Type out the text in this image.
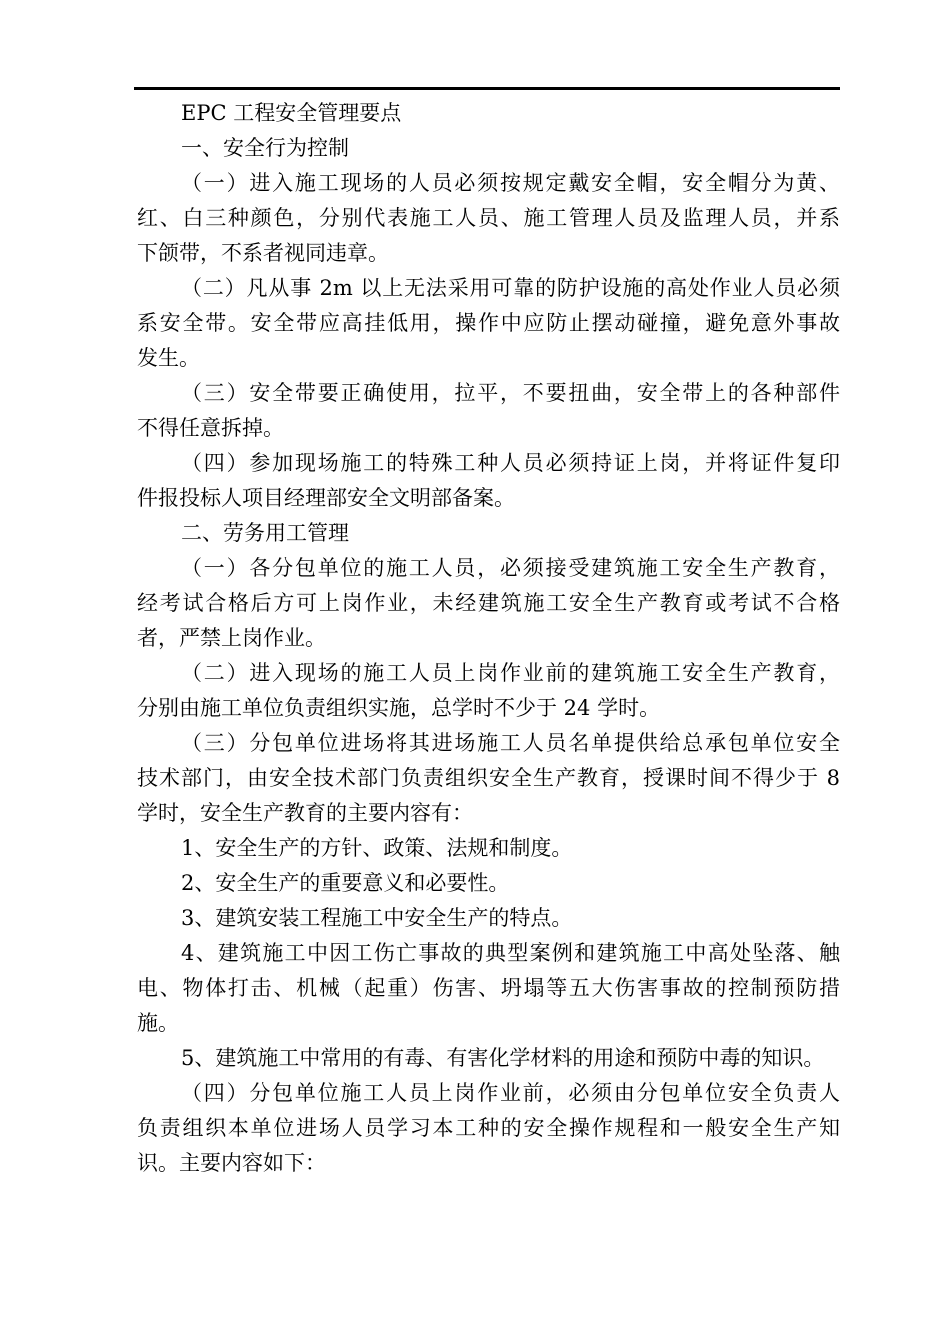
EPC 工程安全管理要点
一、安全行为控制
（一）进入施工现场的人员必须按规定戴安全帽，安全帽分为黄、
红、白三种颜色，分别代表施工人员、施工管理人员及监理人员，并系
下颌带，不系者视同违章。
（二）凡从事 2m 以上无法采用可靠的防护设施的高处作业人员必须
系安全带。安全带应高挂低用，操作中应防止摆动碰撞，避免意外事故
发生。
（三）安全带要正确使用，拉平，不要扭曲，安全带上的各种部件
不得任意拆掉。
（四）参加现场施工的特殊工种人员必须持证上岗，并将证件复印
件报投标人项目经理部安全文明部备案。
二、劳务用工管理
（一）各分包单位的施工人员，必须接受建筑施工安全生产教育，
经考试合格后方可上岗作业，未经建筑施工安全生产教育或考试不合格
者，严禁上岗作业。
（二）进入现场的施工人员上岗作业前的建筑施工安全生产教育，
分别由施工单位负责组织实施，总学时不少于 24 学时。
（三）分包单位进场将其进场施工人员名单提供给总承包单位安全
技术部门，由安全技术部门负责组织安全生产教育，授课时间不得少于 8
学时，安全生产教育的主要内容有：
1、安全生产的方针、政策、法规和制度。
2、安全生产的重要意义和必要性。
3、建筑安装工程施工中安全生产的特点。
4、建筑施工中因工伤亡事故的典型案例和建筑施工中高处坠落、触
电、物体打击、机械（起重）伤害、坍塌等五大伤害事故的控制预防措
施。
5、建筑施工中常用的有毒、有害化学材料的用途和预防中毒的知识。
（四）分包单位施工人员上岗作业前，必须由分包单位安全负责人
负责组织本单位进场人员学习本工种的安全操作规程和一般安全生产知
识。主要内容如下：
